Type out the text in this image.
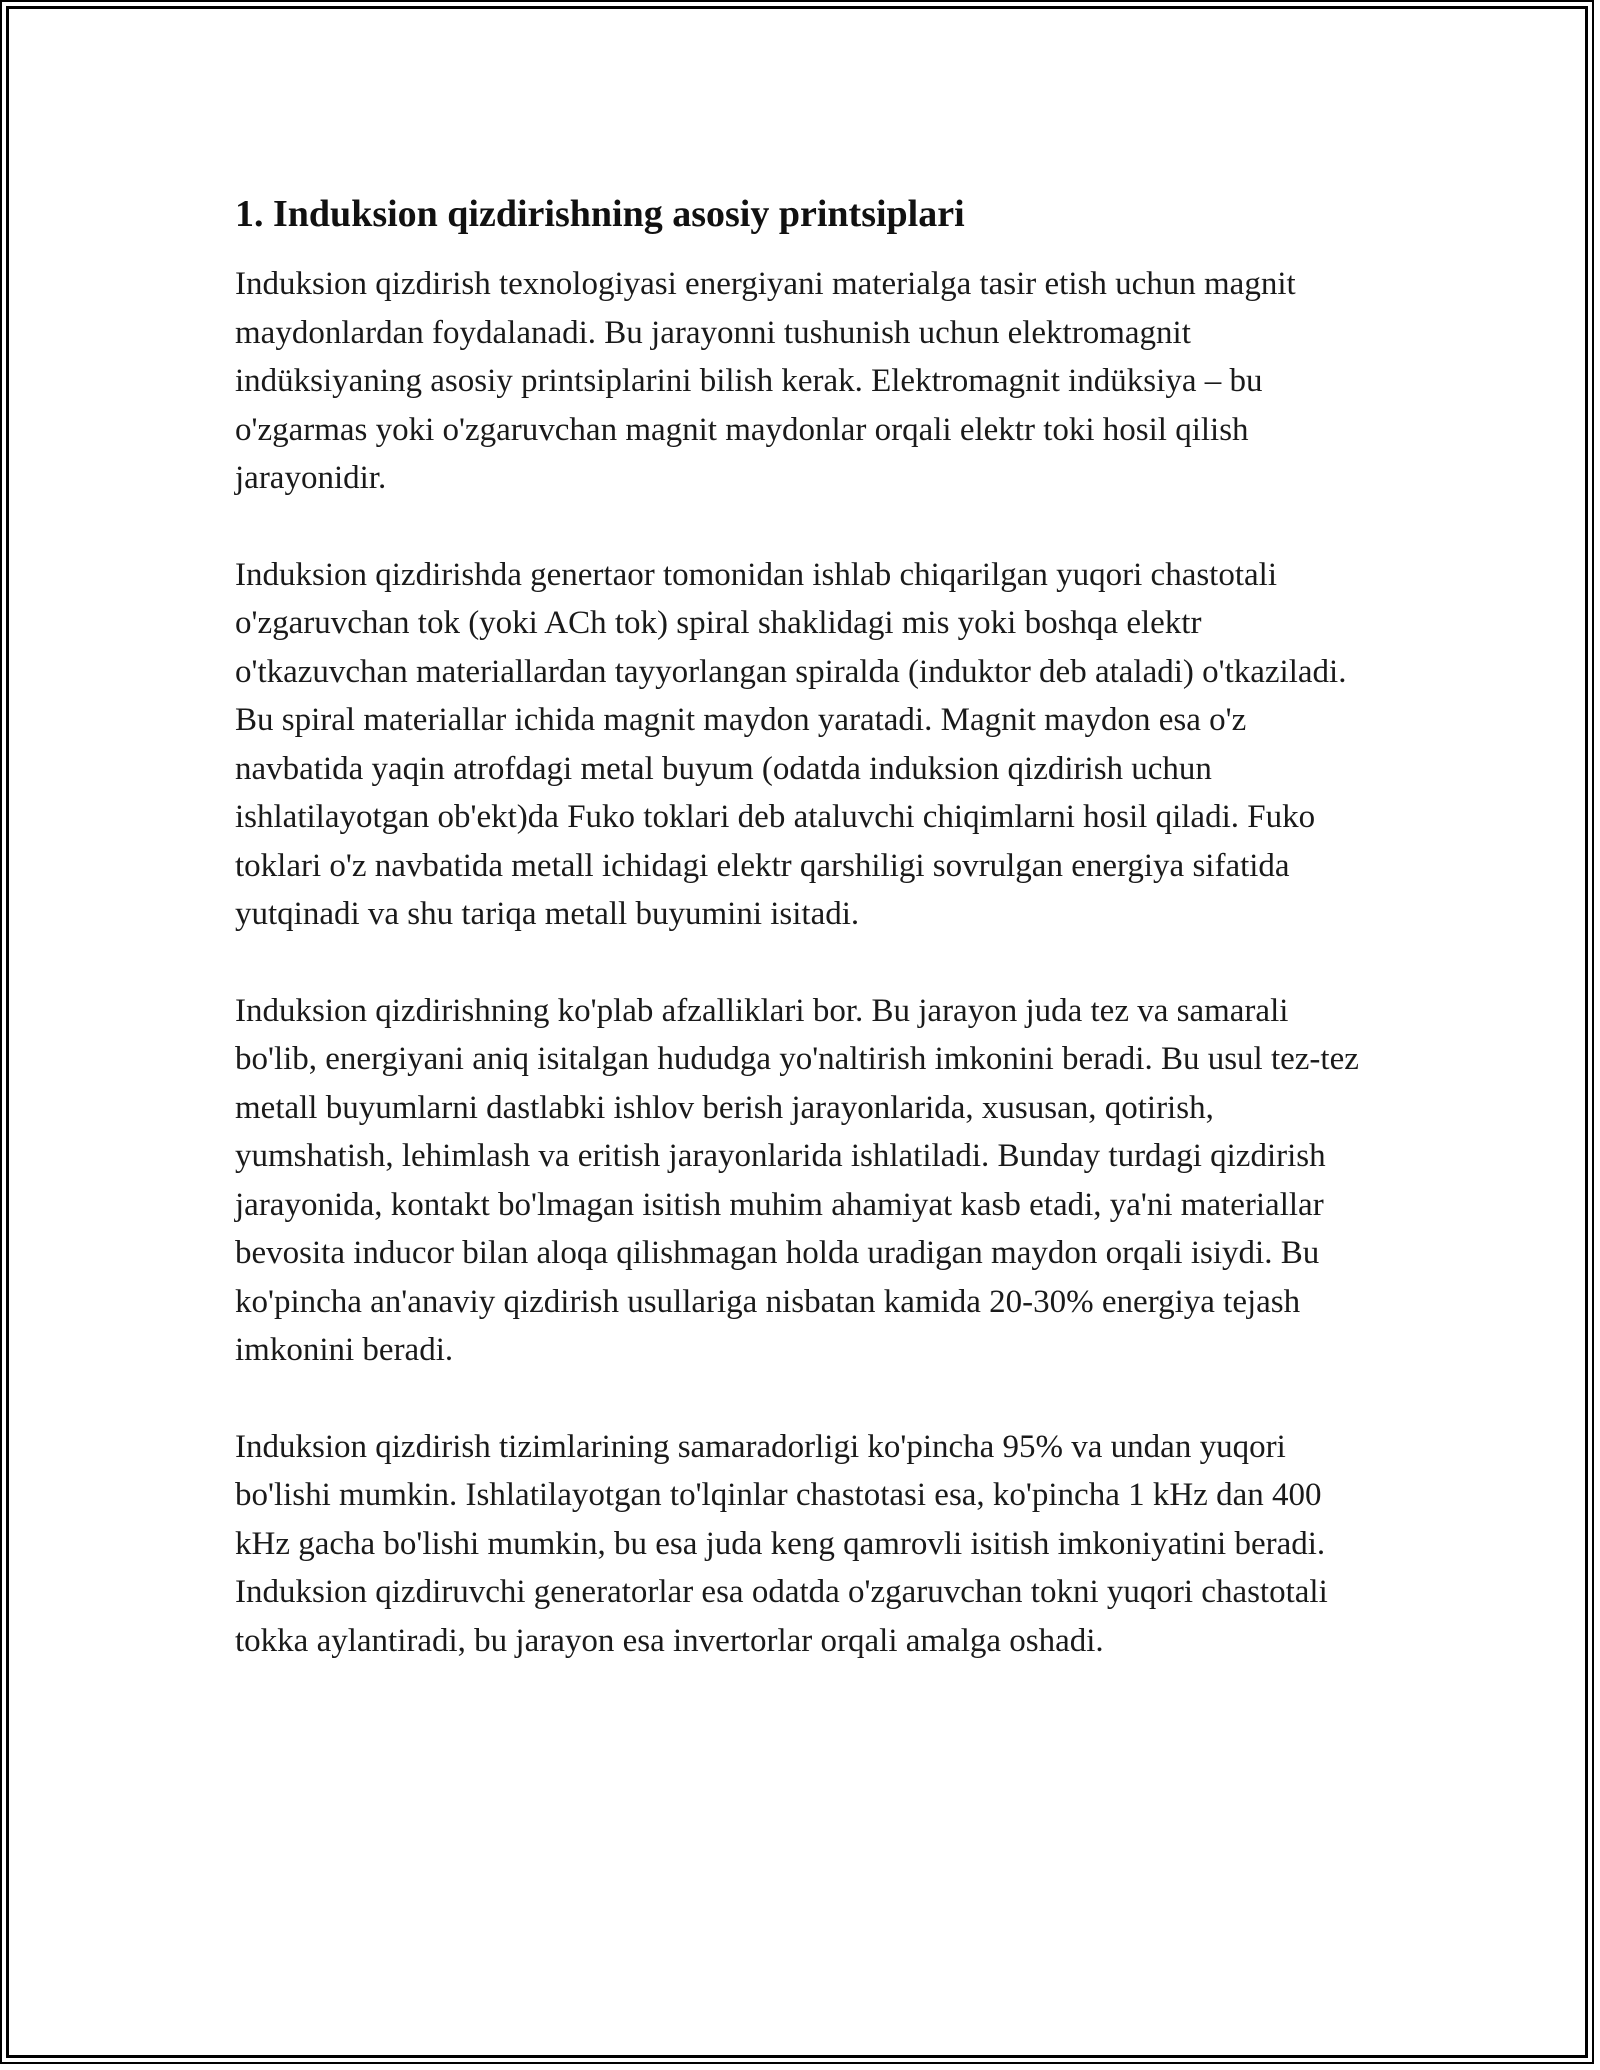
1. Induksion qizdirishning asosiy printsiplari

Induksion qizdirish texnologiyasi energiyani materialga tasir etish uchun magnit maydonlardan foydalanadi. Bu jarayonni tushunish uchun elektromagnit indüksiyaning asosiy printsiplarini bilish kerak. Elektromagnit indüksiya – bu o'zgarmas yoki o'zgaruvchan magnit maydonlar orqali elektr toki hosil qilish jarayonidir.

Induksion qizdirishda genertaor tomonidan ishlab chiqarilgan yuqori chastotali o'zgaruvchan tok (yoki ACh tok) spiral shaklidagi mis yoki boshqa elektr o'tkazuvchan materiallardan tayyorlangan spiralda (induktor deb ataladi) o'tkaziladi. Bu spiral materiallar ichida magnit maydon yaratadi. Magnit maydon esa o'z navbatida yaqin atrofdagi metal buyum (odatda induksion qizdirish uchun ishlatilayotgan ob'ekt)da Fuko toklari deb ataluvchi chiqimlarni hosil qiladi. Fuko toklari o'z navbatida metall ichidagi elektr qarshiligi sovrulgan energiya sifatida yutqinadi va shu tariqa metall buyumini isitadi.

Induksion qizdirishning ko'plab afzalliklari bor. Bu jarayon juda tez va samarali bo'lib, energiyani aniq isitalgan hududga yo'naltirish imkonini beradi. Bu usul tez-tez metall buyumlarni dastlabki ishlov berish jarayonlarida, xususan, qotirish, yumshatish, lehimlash va eritish jarayonlarida ishlatiladi. Bunday turdagi qizdirish jarayonida, kontakt bo'lmagan isitish muhim ahamiyat kasb etadi, ya'ni materiallar bevosita inducor bilan aloqa qilishmagan holda uradigan maydon orqali isiydi. Bu ko'pincha an'anaviy qizdirish usullariga nisbatan kamida 20-30% energiya tejash imkonini beradi.

Induksion qizdirish tizimlarining samaradorligi ko'pincha 95% va undan yuqori bo'lishi mumkin. Ishlatilayotgan to'lqinlar chastotasi esa, ko'pincha 1 kHz dan 400 kHz gacha bo'lishi mumkin, bu esa juda keng qamrovli isitish imkoniyatini beradi. Induksion qizdiruvchi generatorlar esa odatda o'zgaruvchan tokni yuqori chastotali tokka aylantiradi, bu jarayon esa invertorlar orqali amalga oshadi.
